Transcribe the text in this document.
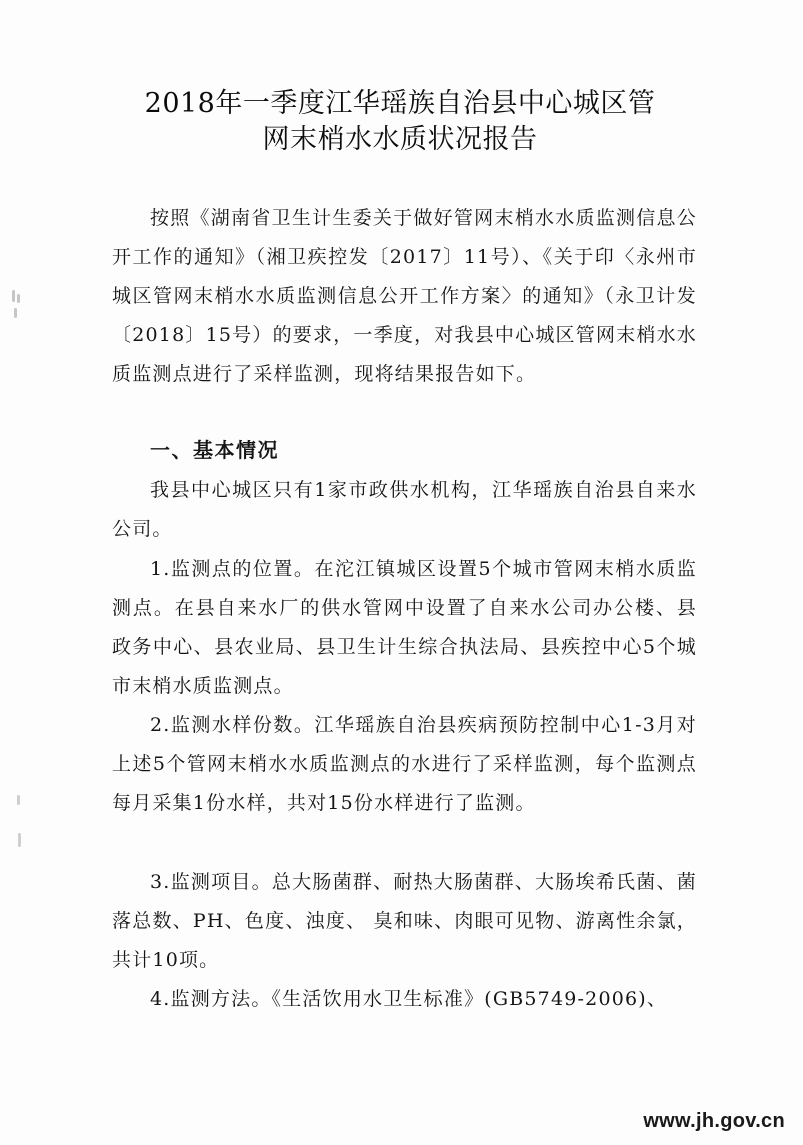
2018年一季度江华瑶族自治县中心城区管
网末梢水水质状况报告
按照《湖南省卫生计生委关于做好管网末梢水水质监测信息公开工作的通知》（湘卫疾控发〔2017〕11号）、《关于印〈永州市城区管网末梢水水质监测信息公开工作方案〉的通知》（永卫计发〔2018〕15号）的要求，一季度，对我县中心城区管网末梢水水质监测点进行了采样监测，现将结果报告如下。
一、基本情况
我县中心城区只有1家市政供水机构，江华瑶族自治县自来水公司。
1.监测点的位置。在沱江镇城区设置5个城市管网末梢水质监测点。在县自来水厂的供水管网中设置了自来水公司办公楼、县政务中心、县农业局、县卫生计生综合执法局、县疾控中心5个城市末梢水质监测点。
2.监测水样份数。江华瑶族自治县疾病预防控制中心1-3月对上述5个管网末梢水水质监测点的水进行了采样监测，每个监测点每月采集1份水样，共对15份水样进行了监测。
3.监测项目。总大肠菌群、耐热大肠菌群、大肠埃希氏菌、菌落总数、PH、色度、浊度、 臭和味、肉眼可见物、游离性余氯，共计10项。
4.监测方法。《生活饮用水卫生标准》(GB5749-2006)、
www.jh.gov.cn
